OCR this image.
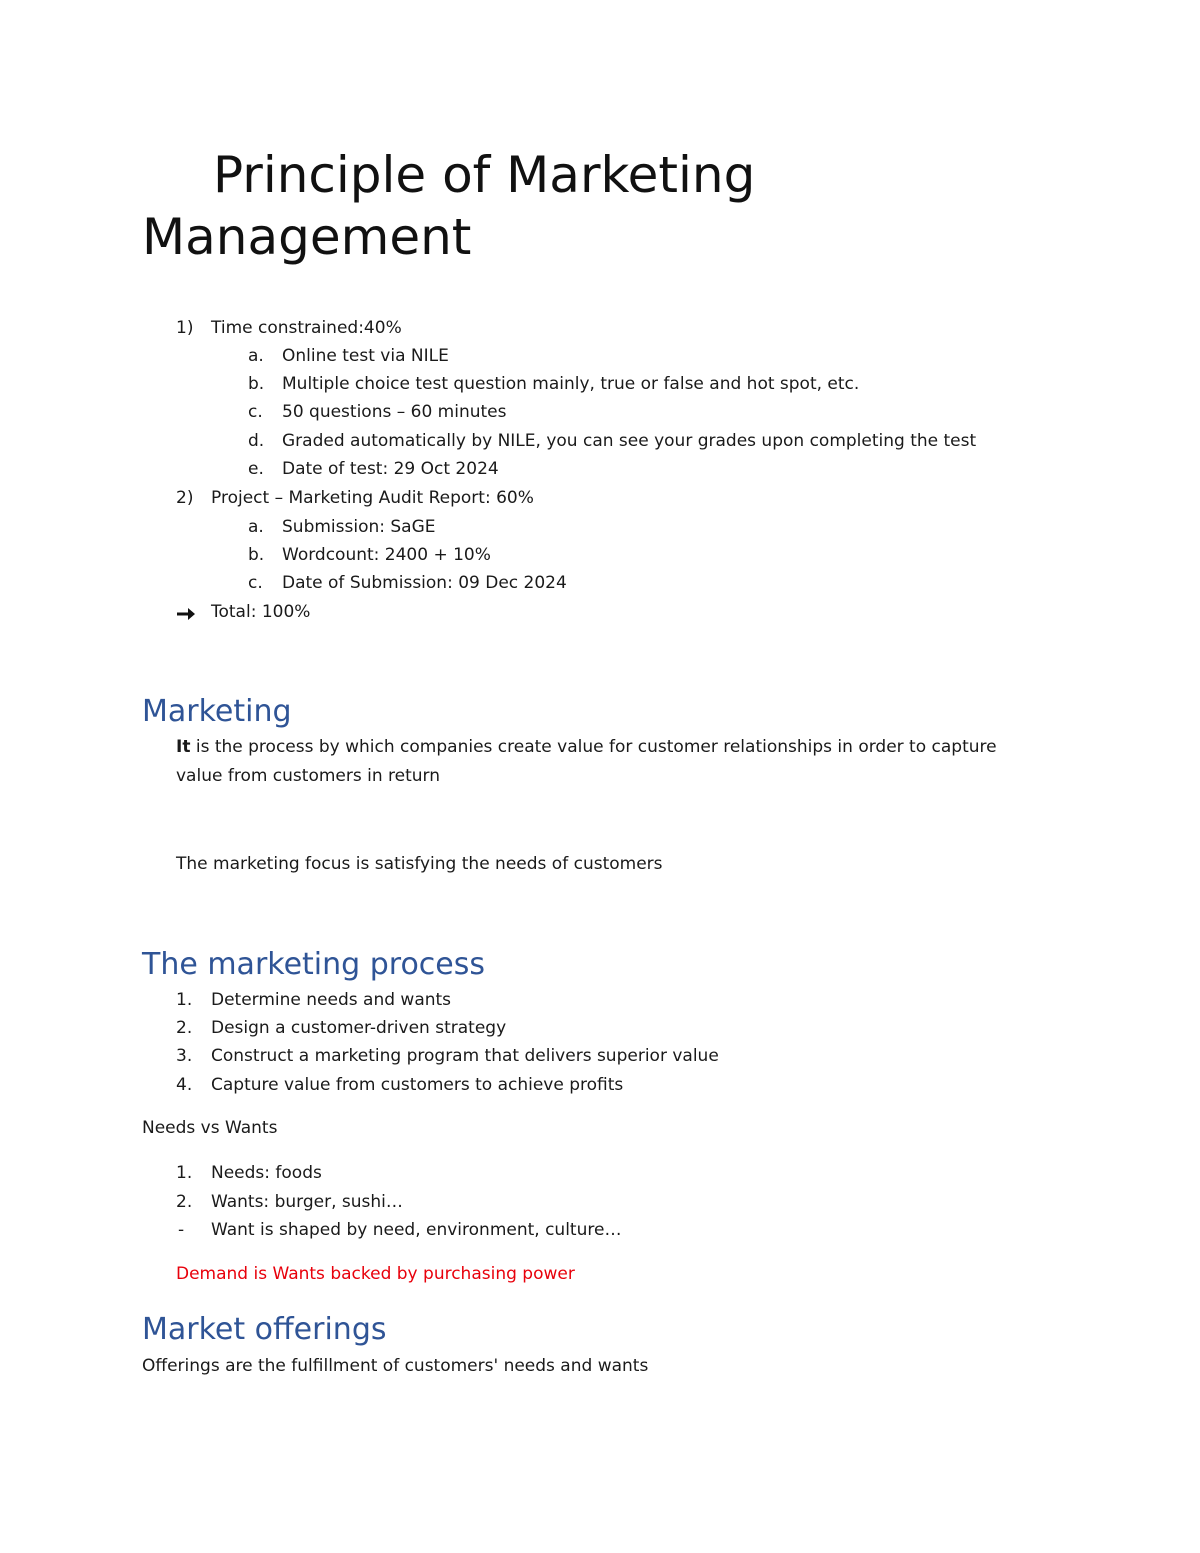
Principle of Marketing
Management
1) Time constrained:40%
a. Online test via NILE
b. Multiple choice test question mainly, true or false and hot spot, etc.
c. 50 questions – 60 minutes
d. Graded automatically by NILE, you can see your grades upon completing the test
e. Date of test: 29 Oct 2024
2) Project – Marketing Audit Report: 60%
a. Submission: SaGE
b. Wordcount: 2400 + 10%
c. Date of Submission: 09 Dec 2024
Total: 100%
Marketing
It is the process by which companies create value for customer relationships in order to capture
value from customers in return
The marketing focus is satisfying the needs of customers
The marketing process
1. Determine needs and wants
2. Design a customer-driven strategy
3. Construct a marketing program that delivers superior value
4. Capture value from customers to achieve profits
Needs vs Wants
1. Needs: foods
2. Wants: burger, sushi…
- Want is shaped by need, environment, culture…
Demand is Wants backed by purchasing power
Market offerings
Offerings are the fulfillment of customers' needs and wants
